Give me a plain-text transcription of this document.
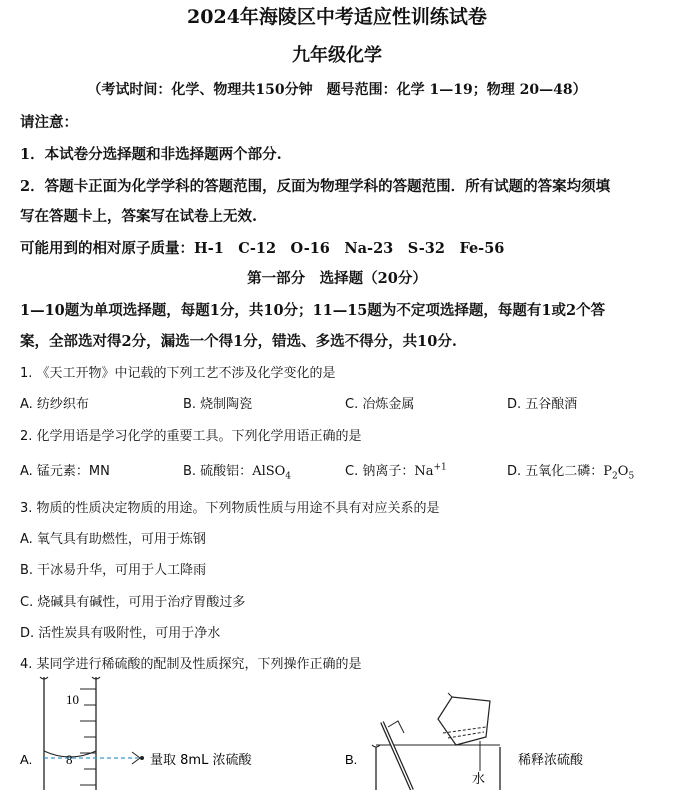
2024年海陵区中考适应性训练试卷
九年级化学
（考试时间：化学、物理共150分钟　题号范围：化学 1—19；物理 20—48）
请注意：
1．本试卷分选择题和非选择题两个部分.
2．答题卡正面为化学学科的答题范围，反面为物理学科的答题范围．所有试题的答案均须填
写在答题卡上，答案写在试卷上无效.
可能用到的相对原子质量：H-1　C-12　O-16　Na-23　S-32　Fe-56
第一部分　选择题（20分）
1—10题为单项选择题，每题1分，共10分；11—15题为不定项选择题，每题有1或2个答
案，全部选对得2分，漏选一个得1分，错选、多选不得分，共10分.
1. 《天工开物》中记载的下列工艺不涉及化学变化的是
A. 纺纱织布	B. 烧制陶瓷	C. 冶炼金属	D. 五谷酿酒
2. 化学用语是学习化学的重要工具。下列化学用语正确的是
A. 锰元素：MN	B. 硫酸铝：AlSO$_4$	C. 钠离子：$Na^{+1}$	D. 五氧化二磷：$P_2O_5$
3. 物质的性质决定物质的用途。下列物质性质与用途不具有对应关系的是
A. 氧气具有助燃性，可用于炼钢
B. 干冰易升华，可用于人工降雨
C. 烧碱具有碱性，可用于治疗胃酸过多
D. 活性炭具有吸附性，可用于净水
4. 某同学进行稀硫酸的配制及性质探究，下列操作正确的是
10
8
A.	量取 8mL 浓硫酸	B.
水
稀释浓硫酸
